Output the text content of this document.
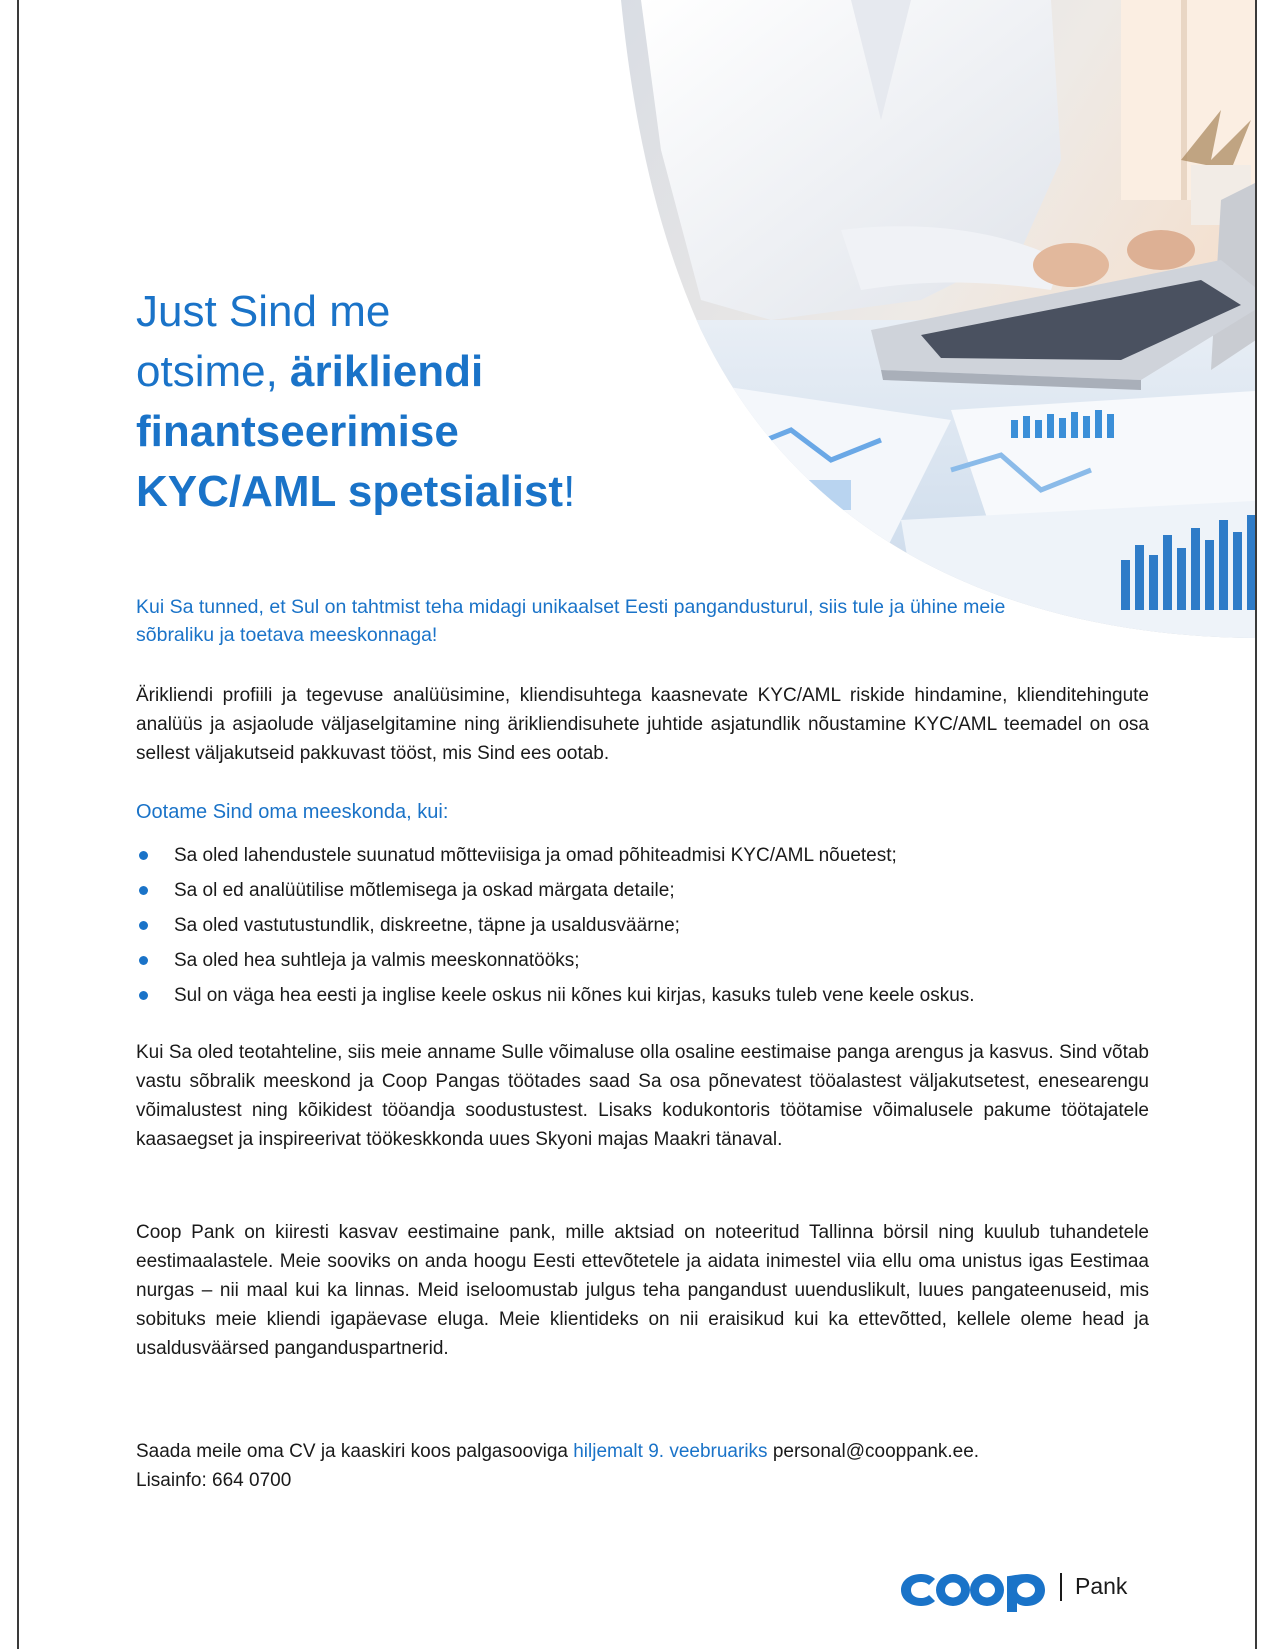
Just Sind me
otsime, ärikliendi
finantseerimise
KYC/AML spetsialist!

Kui Sa tunned, et Sul on tahtmist teha midagi unikaalset Eesti pangandusturul, siis tule ja ühine meie sõbraliku ja toetava meeskonnaga!

Ärikliendi profiili ja tegevuse analüüsimine, kliendisuhtega kaasnevate KYC/AML riskide hindamine, klienditehingute analüüs ja asjaolude väljaselgitamine ning ärikliendisuhete juhtide asjatundlik nõustamine KYC/AML teemadel on osa sellest väljakutseid pakkuvast tööst, mis Sind ees ootab.

Ootame Sind oma meeskonda, kui:

Sa oled lahendustele suunatud mõtteviisiga ja omad põhiteadmisi KYC/AML nõuetest;
Sa ol ed analüütilise mõtlemisega ja oskad märgata detaile;
Sa oled vastutustundlik, diskreetne, täpne ja usaldusväärne;
Sa oled hea suhtleja ja valmis meeskonnatööks;
Sul on väga hea eesti ja inglise keele oskus nii kõnes kui kirjas, kasuks tuleb vene keele oskus.

Kui Sa oled teotahteline, siis meie anname Sulle võimaluse olla osaline eestimaise panga arengus ja kasvus. Sind võtab vastu sõbralik meeskond ja Coop Pangas töötades saad Sa osa põnevatest tööalastest väljakutsetest, enesearengu võimalustest ning kõikidest tööandja soodustustest. Lisaks kodukontoris töötamise võimalusele pakume töötajatele kaasaegset ja inspireerivat töökeskkonda uues Skyoni majas Maakri tänaval.

Coop Pank on kiiresti kasvav eestimaine pank, mille aktsiad on noteeritud Tallinna börsil ning kuulub tuhandetele eestimaalastele. Meie sooviks on anda hoogu Eesti ettevõtetele ja aidata inimestel viia ellu oma unistus igas Eestimaa nurgas – nii maal kui ka linnas. Meid iseloomustab julgus teha pangandust uuenduslikult, luues pangateenuseid, mis sobituks meie kliendi igapäevase eluga. Meie klientideks on nii eraisikud kui ka ettevõtted, kellele oleme head ja usaldusväärsed panganduspartnerid.

Saada meile oma CV ja kaaskiri koos palgasooviga hiljemalt 9. veebruariks personal@cooppank.ee.
Lisainfo: 664 0700

Pank
